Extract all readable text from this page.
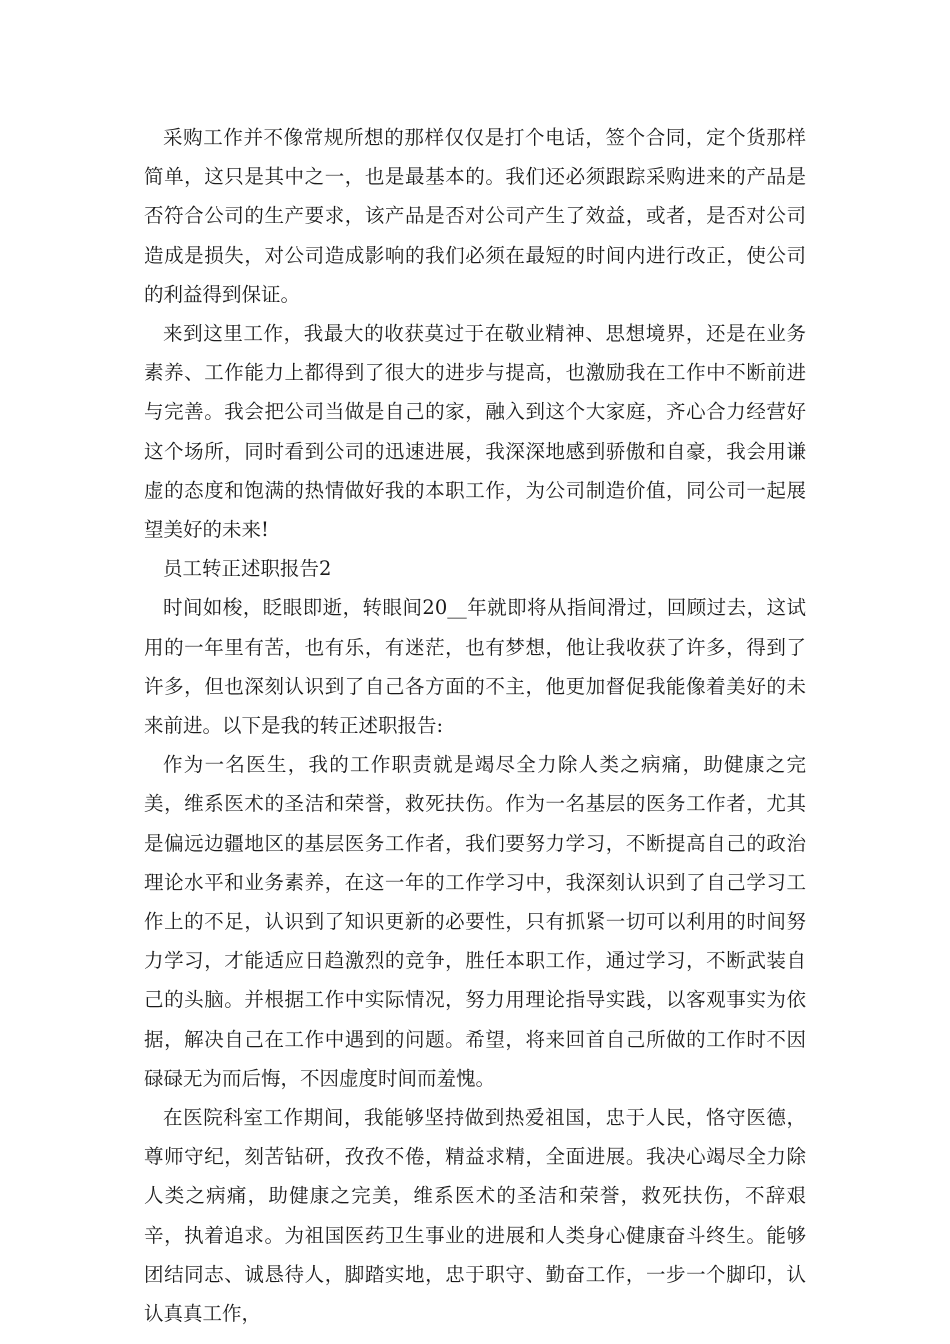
采购工作并不像常规所想的那样仅仅是打个电话，签个合同，定个货那样简单，这只是其中之一，也是最基本的。我们还必须跟踪采购进来的产品是否符合公司的生产要求，该产品是否对公司产生了效益，或者，是否对公司造成是损失，对公司造成影响的我们必须在最短的时间内进行改正，使公司的利益得到保证。

来到这里工作，我最大的收获莫过于在敬业精神、思想境界，还是在业务素养、工作能力上都得到了很大的进步与提高，也激励我在工作中不断前进与完善。我会把公司当做是自己的家，融入到这个大家庭，齐心合力经营好这个场所，同时看到公司的迅速进展，我深深地感到骄傲和自豪，我会用谦虚的态度和饱满的热情做好我的本职工作，为公司制造价值，同公司一起展望美好的未来!

员工转正述职报告2

时间如梭，眨眼即逝，转眼间20__年就即将从指间滑过，回顾过去，这试用的一年里有苦，也有乐，有迷茫，也有梦想，他让我收获了许多，得到了许多，但也深刻认识到了自己各方面的不主，他更加督促我能像着美好的未来前进。以下是我的转正述职报告:

作为一名医生，我的工作职责就是竭尽全力除人类之病痛，助健康之完美，维系医术的圣洁和荣誉，救死扶伤。作为一名基层的医务工作者，尤其是偏远边疆地区的基层医务工作者，我们要努力学习，不断提高自己的政治理论水平和业务素养，在这一年的工作学习中，我深刻认识到了自己学习工作上的不足，认识到了知识更新的必要性，只有抓紧一切可以利用的时间努力学习，才能适应日趋激烈的竞争，胜任本职工作，通过学习，不断武装自己的头脑。并根据工作中实际情况，努力用理论指导实践，以客观事实为依据，解决自己在工作中遇到的问题。希望，将来回首自己所做的工作时不因碌碌无为而后悔，不因虚度时间而羞愧。

在医院科室工作期间，我能够坚持做到热爱祖国，忠于人民，恪守医德，尊师守纪，刻苦钻研，孜孜不倦，精益求精，全面进展。我决心竭尽全力除人类之病痛，助健康之完美，维系医术的圣洁和荣誉，救死扶伤，不辞艰辛，执着追求。为祖国医药卫生事业的进展和人类身心健康奋斗终生。能够团结同志、诚恳待人，脚踏实地，忠于职守、勤奋工作，一步一个脚印，认认真真工作，
